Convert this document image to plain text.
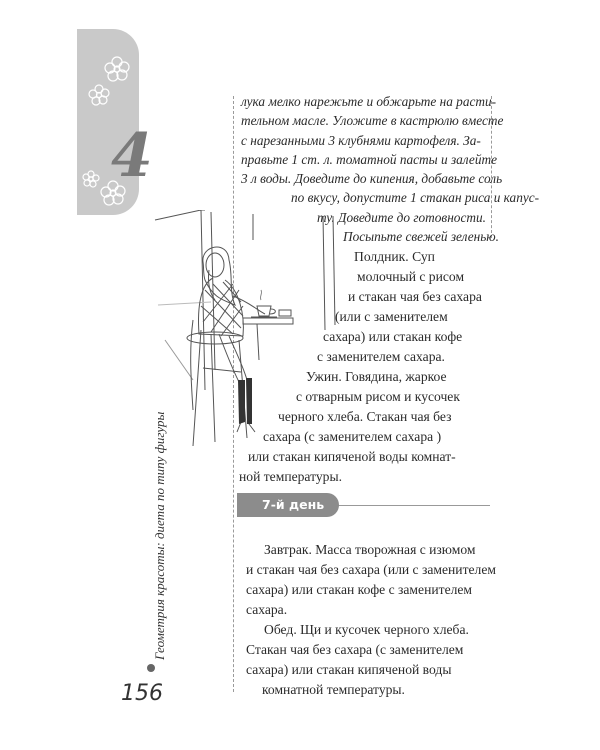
4
лука мелко нарежьте и обжарьте на расти-
тельном масле. Уложите в кастрюлю вместе
с нарезанными 3 клубнями картофеля. За-
правьте 1 ст. л. томатной пасты и залейте
3 л воды. Доведите до кипения, добавьте соль
по вкусу, допустите 1 стакан риса и капус-
ту. Доведите до готовности.
Посыпьте свежей зеленью.
Полдник. Суп
молочный с рисом
и стакан чая без сахара
(или с заменителем
сахара) или стакан кофе
с заменителем сахара.
Ужин. Говядина, жаркое
с отварным рисом и кусочек
черного хлеба. Стакан чая без
сахара (с заменителем сахара )
или стакан кипяченой воды комнат-
ной температуры.
7-й день
Завтрак. Масса творожная с изюмом
и стакан чая без сахара (или с заменителем
сахара) или стакан кофе с заменителем
сахара.
Обед. Щи и кусочек черного хлеба.
Стакан чая без сахара (с заменителем
сахара) или стакан кипяченой воды
комнатной температуры.
Геометрия красоты: диета по типу фигуры
156
